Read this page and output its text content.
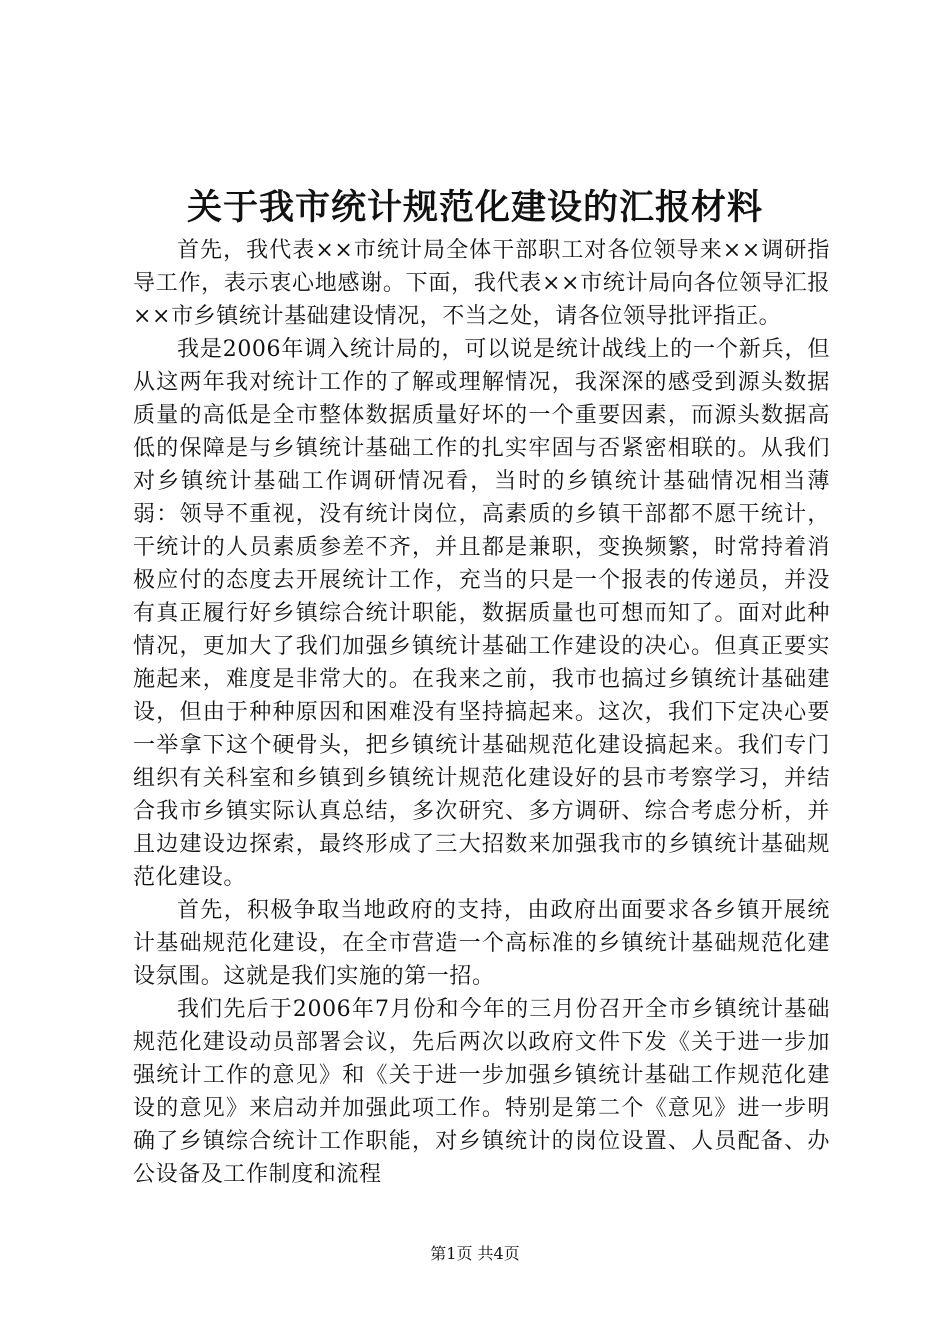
关于我市统计规范化建设的汇报材料

首先，我代表××市统计局全体干部职工对各位领导来××调研指导工作，表示衷心地感谢。下面，我代表××市统计局向各位领导汇报××市乡镇统计基础建设情况，不当之处，请各位领导批评指正。

我是2006年调入统计局的，可以说是统计战线上的一个新兵，但从这两年我对统计工作的了解或理解情况，我深深的感受到源头数据质量的高低是全市整体数据质量好坏的一个重要因素，而源头数据高低的保障是与乡镇统计基础工作的扎实牢固与否紧密相联的。从我们对乡镇统计基础工作调研情况看，当时的乡镇统计基础情况相当薄弱：领导不重视，没有统计岗位，高素质的乡镇干部都不愿干统计，干统计的人员素质参差不齐，并且都是兼职，变换频繁，时常持着消极应付的态度去开展统计工作，充当的只是一个报表的传递员，并没有真正履行好乡镇综合统计职能，数据质量也可想而知了。面对此种情况，更加大了我们加强乡镇统计基础工作建设的决心。但真正要实施起来，难度是非常大的。在我来之前，我市也搞过乡镇统计基础建设，但由于种种原因和困难没有坚持搞起来。这次，我们下定决心要一举拿下这个硬骨头，把乡镇统计基础规范化建设搞起来。我们专门组织有关科室和乡镇到乡镇统计规范化建设好的县市考察学习，并结合我市乡镇实际认真总结，多次研究、多方调研、综合考虑分析，并且边建设边探索，最终形成了三大招数来加强我市的乡镇统计基础规范化建设。

首先，积极争取当地政府的支持，由政府出面要求各乡镇开展统计基础规范化建设，在全市营造一个高标准的乡镇统计基础规范化建设氛围。这就是我们实施的第一招。

我们先后于2006年7月份和今年的三月份召开全市乡镇统计基础规范化建设动员部署会议，先后两次以政府文件下发《关于进一步加强统计工作的意见》和《关于进一步加强乡镇统计基础工作规范化建设的意见》来启动并加强此项工作。特别是第二个《意见》进一步明确了乡镇综合统计工作职能，对乡镇统计的岗位设置、人员配备、办公设备及工作制度和流程

第1页 共4页
